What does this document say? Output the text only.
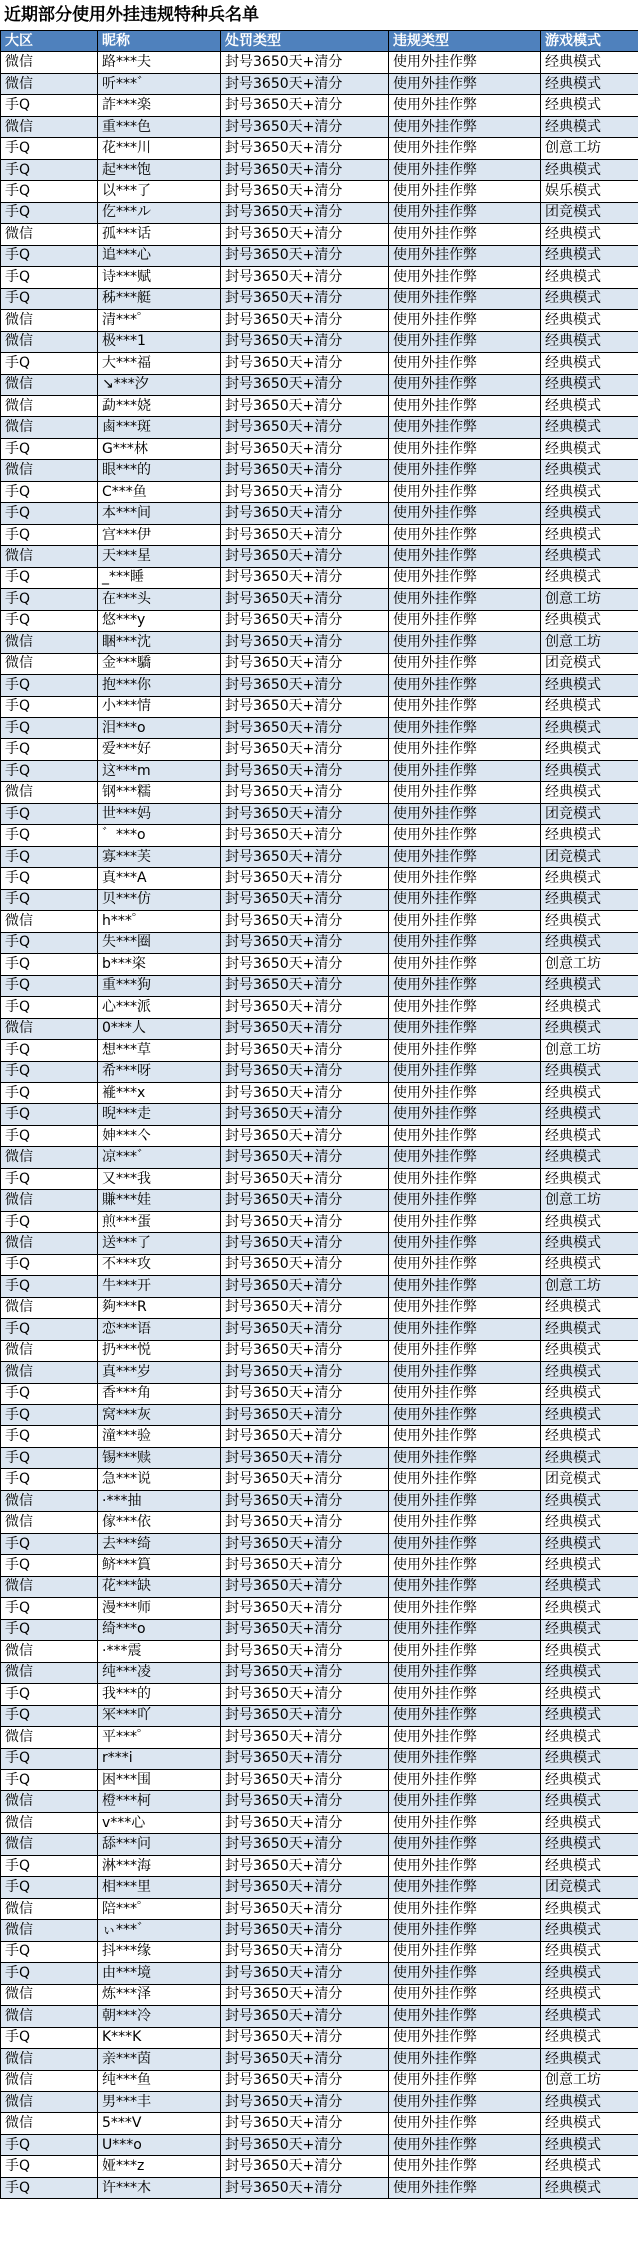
近期部分使用外挂违规特种兵名单
大区	昵称	处罚类型	违规类型	游戏模式
微信	路***夫	封号3650天+清分	使用外挂作弊	经典模式
微信	听***゛	封号3650天+清分	使用外挂作弊	经典模式
手Q	詐***楽	封号3650天+清分	使用外挂作弊	经典模式
微信	重***色	封号3650天+清分	使用外挂作弊	经典模式
手Q	花***川	封号3650天+清分	使用外挂作弊	创意工坊
手Q	起***饱	封号3650天+清分	使用外挂作弊	经典模式
手Q	以***了	封号3650天+清分	使用外挂作弊	娱乐模式
手Q	仡***ル	封号3650天+清分	使用外挂作弊	团竞模式
微信	孤***话	封号3650天+清分	使用外挂作弊	经典模式
手Q	追***心	封号3650天+清分	使用外挂作弊	经典模式
手Q	诗***赋	封号3650天+清分	使用外挂作弊	经典模式
手Q	秭***艇	封号3650天+清分	使用外挂作弊	经典模式
微信	清***゜	封号3650天+清分	使用外挂作弊	经典模式
微信	极***1	封号3650天+清分	使用外挂作弊	经典模式
手Q	大***福	封号3650天+清分	使用外挂作弊	经典模式
微信	↘***汐	封号3650天+清分	使用外挂作弊	经典模式
微信	勐***娆	封号3650天+清分	使用外挂作弊	经典模式
微信	鹵***斑	封号3650天+清分	使用外挂作弊	经典模式
手Q	G***林	封号3650天+清分	使用外挂作弊	经典模式
微信	眼***的	封号3650天+清分	使用外挂作弊	经典模式
手Q	C***鱼	封号3650天+清分	使用外挂作弊	经典模式
手Q	本***间	封号3650天+清分	使用外挂作弊	经典模式
手Q	宫***伊	封号3650天+清分	使用外挂作弊	经典模式
微信	天***星	封号3650天+清分	使用外挂作弊	经典模式
手Q	_***睡	封号3650天+清分	使用外挂作弊	经典模式
手Q	在***头	封号3650天+清分	使用外挂作弊	创意工坊
手Q	悠***y	封号3650天+清分	使用外挂作弊	经典模式
微信	睏***沈	封号3650天+清分	使用外挂作弊	创意工坊
微信	金***驕	封号3650天+清分	使用外挂作弊	团竞模式
手Q	抱***你	封号3650天+清分	使用外挂作弊	经典模式
手Q	小***情	封号3650天+清分	使用外挂作弊	经典模式
手Q	泪***o	封号3650天+清分	使用外挂作弊	经典模式
手Q	爱***好	封号3650天+清分	使用外挂作弊	经典模式
手Q	这***m	封号3650天+清分	使用外挂作弊	经典模式
微信	钢***糯	封号3650天+清分	使用外挂作弊	经典模式
手Q	世***妈	封号3650天+清分	使用外挂作弊	团竞模式
手Q	゛***o	封号3650天+清分	使用外挂作弊	经典模式
手Q	寡***芙	封号3650天+清分	使用外挂作弊	团竞模式
手Q	真***A	封号3650天+清分	使用外挂作弊	经典模式
手Q	贝***仿	封号3650天+清分	使用外挂作弊	经典模式
微信	h***゜	封号3650天+清分	使用外挂作弊	经典模式
手Q	失***圈	封号3650天+清分	使用外挂作弊	经典模式
手Q	b***栥	封号3650天+清分	使用外挂作弊	创意工坊
手Q	重***狗	封号3650天+清分	使用外挂作弊	经典模式
手Q	心***派	封号3650天+清分	使用外挂作弊	经典模式
微信	0***人	封号3650天+清分	使用外挂作弊	经典模式
手Q	想***草	封号3650天+清分	使用外挂作弊	创意工坊
手Q	希***呀	封号3650天+清分	使用外挂作弊	经典模式
手Q	褦***x	封号3650天+清分	使用外挂作弊	经典模式
手Q	晲***走	封号3650天+清分	使用外挂作弊	经典模式
手Q	妽***亽	封号3650天+清分	使用外挂作弊	经典模式
微信	凉***゛	封号3650天+清分	使用外挂作弊	经典模式
手Q	又***我	封号3650天+清分	使用外挂作弊	经典模式
微信	賺***娃	封号3650天+清分	使用外挂作弊	创意工坊
手Q	煎***蛋	封号3650天+清分	使用外挂作弊	经典模式
微信	送***了	封号3650天+清分	使用外挂作弊	经典模式
手Q	不***攻	封号3650天+清分	使用外挂作弊	经典模式
手Q	牛***开	封号3650天+清分	使用外挂作弊	创意工坊
微信	夠***R	封号3650天+清分	使用外挂作弊	经典模式
手Q	恋***语	封号3650天+清分	使用外挂作弊	经典模式
微信	扔***悦	封号3650天+清分	使用外挂作弊	经典模式
微信	真***岁	封号3650天+清分	使用外挂作弊	经典模式
手Q	香***角	封号3650天+清分	使用外挂作弊	经典模式
手Q	窝***灰	封号3650天+清分	使用外挂作弊	经典模式
手Q	潼***验	封号3650天+清分	使用外挂作弊	经典模式
手Q	锡***赎	封号3650天+清分	使用外挂作弊	经典模式
手Q	急***说	封号3650天+清分	使用外挂作弊	团竞模式
微信	·***抽	封号3650天+清分	使用外挂作弊	经典模式
微信	傢***依	封号3650天+清分	使用外挂作弊	经典模式
手Q	去***绮	封号3650天+清分	使用外挂作弊	经典模式
手Q	鲚***篔	封号3650天+清分	使用外挂作弊	经典模式
微信	花***缺	封号3650天+清分	使用外挂作弊	经典模式
手Q	漫***师	封号3650天+清分	使用外挂作弊	经典模式
手Q	绮***o	封号3650天+清分	使用外挂作弊	经典模式
微信	·***震	封号3650天+清分	使用外挂作弊	经典模式
微信	纯***凌	封号3650天+清分	使用外挂作弊	经典模式
手Q	我***的	封号3650天+清分	使用外挂作弊	经典模式
手Q	冞***吖	封号3650天+清分	使用外挂作弊	经典模式
微信	平***゜	封号3650天+清分	使用外挂作弊	经典模式
手Q	r***i	封号3650天+清分	使用外挂作弊	经典模式
手Q	困***围	封号3650天+清分	使用外挂作弊	经典模式
微信	橙***柯	封号3650天+清分	使用外挂作弊	经典模式
微信	v***心	封号3650天+清分	使用外挂作弊	经典模式
微信	舔***问	封号3650天+清分	使用外挂作弊	经典模式
手Q	淋***海	封号3650天+清分	使用外挂作弊	经典模式
手Q	相***里	封号3650天+清分	使用外挂作弊	团竞模式
微信	陪***゜	封号3650天+清分	使用外挂作弊	经典模式
微信	ぃ***゛	封号3650天+清分	使用外挂作弊	经典模式
手Q	抖***缘	封号3650天+清分	使用外挂作弊	经典模式
手Q	由***境	封号3650天+清分	使用外挂作弊	经典模式
微信	炼***泽	封号3650天+清分	使用外挂作弊	经典模式
微信	朝***冷	封号3650天+清分	使用外挂作弊	经典模式
手Q	K***K	封号3650天+清分	使用外挂作弊	经典模式
微信	亲***茵	封号3650天+清分	使用外挂作弊	经典模式
微信	纯***鱼	封号3650天+清分	使用外挂作弊	创意工坊
微信	男***丰	封号3650天+清分	使用外挂作弊	经典模式
微信	5***V	封号3650天+清分	使用外挂作弊	经典模式
手Q	U***o	封号3650天+清分	使用外挂作弊	经典模式
手Q	娅***z	封号3650天+清分	使用外挂作弊	经典模式
手Q	许***木	封号3650天+清分	使用外挂作弊	经典模式
